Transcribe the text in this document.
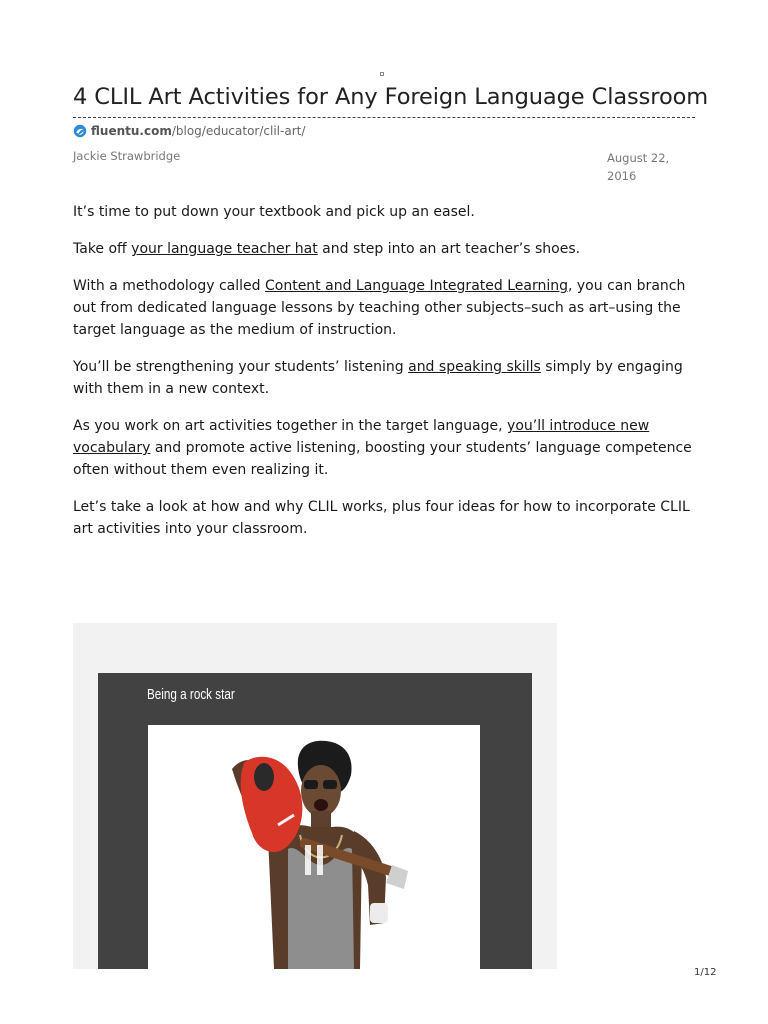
4 CLIL Art Activities for Any Foreign Language Classroom
fluentu.com /blog/educator/clil-art/
Jackie Strawbridge	August 22,
2016

It’s time to put down your textbook and pick up an easel.

Take off your language teacher hat and step into an art teacher’s shoes.

With a methodology called Content and Language Integrated Learning, you can branch out from dedicated language lessons by teaching other subjects–such as art–using the target language as the medium of instruction.

You’ll be strengthening your students’ listening and speaking skills simply by engaging with them in a new context.

As you work on art activities together in the target language, you’ll introduce new vocabulary and promote active listening, boosting your students’ language competence often without them even realizing it.

Let’s take a look at how and why CLIL works, plus four ideas for how to incorporate CLIL art activities into your classroom.

Being a rock star
1/12
